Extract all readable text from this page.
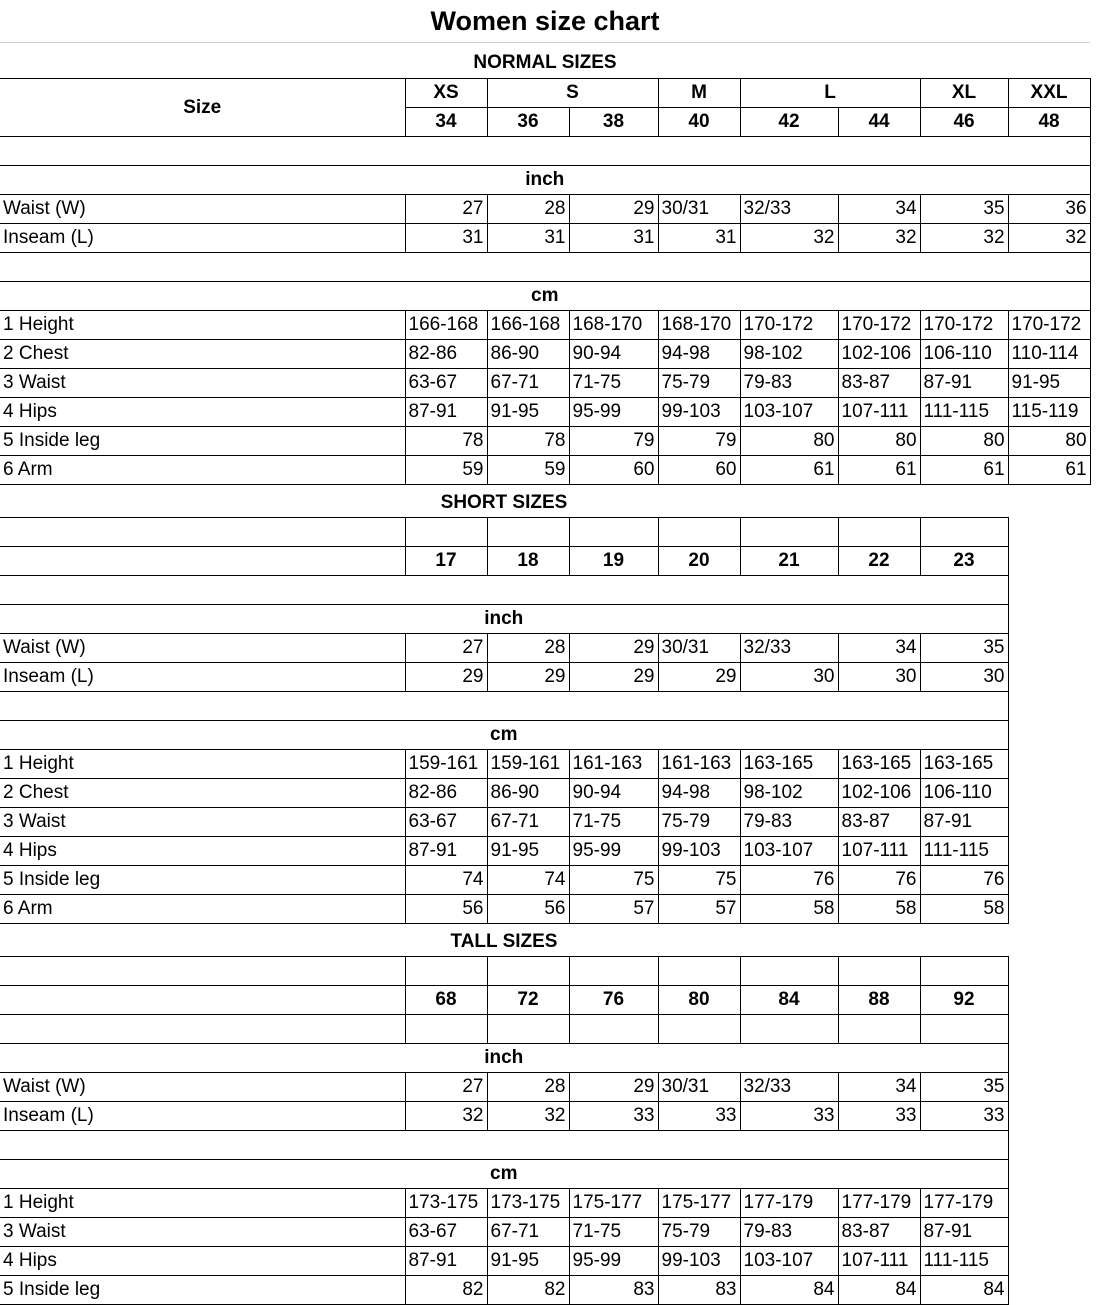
Women size chart
NORMAL SIZES
Size	XS	S		M	L		XL	XXL
	34	36	38	40	42	44	46	48

inch								
Waist (W)	27	28	29	30/31	32/33	34	35	36
Inseam (L)	31	31	31	31	32	32	32	32

cm								
1 Height	166-168	166-168	168-170	168-170	170-172	170-172	170-172	170-172
2 Chest	82-86	86-90	90-94	94-98	98-102	102-106	106-110	110-114
3 Waist	63-67	67-71	71-75	75-79	79-83	83-87	87-91	91-95
4 Hips	87-91	91-95	95-99	99-103	103-107	107-111	111-115	115-119
5 Inside leg	78	78	79	79	80	80	80	80
6 Arm	59	59	60	60	61	61	61	61
SHORT SIZES

	17	18	19	20	21	22	23

inch							
Waist (W)	27	28	29	30/31	32/33	34	35
Inseam (L)	29	29	29	29	30	30	30

cm							
1 Height	159-161	159-161	161-163	161-163	163-165	163-165	163-165
2 Chest	82-86	86-90	90-94	94-98	98-102	102-106	106-110
3 Waist	63-67	67-71	71-75	75-79	79-83	83-87	87-91
4 Hips	87-91	91-95	95-99	99-103	103-107	107-111	111-115
5 Inside leg	74	74	75	75	76	76	76
6 Arm	56	56	57	57	58	58	58
TALL SIZES

	68	72	76	80	84	88	92

inch							
Waist (W)	27	28	29	30/31	32/33	34	35
Inseam (L)	32	32	33	33	33	33	33

cm							
1 Height	173-175	173-175	175-177	175-177	177-179	177-179	177-179
3 Waist	63-67	67-71	71-75	75-79	79-83	83-87	87-91
4 Hips	87-91	91-95	95-99	99-103	103-107	107-111	111-115
5 Inside leg	82	82	83	83	84	84	84
